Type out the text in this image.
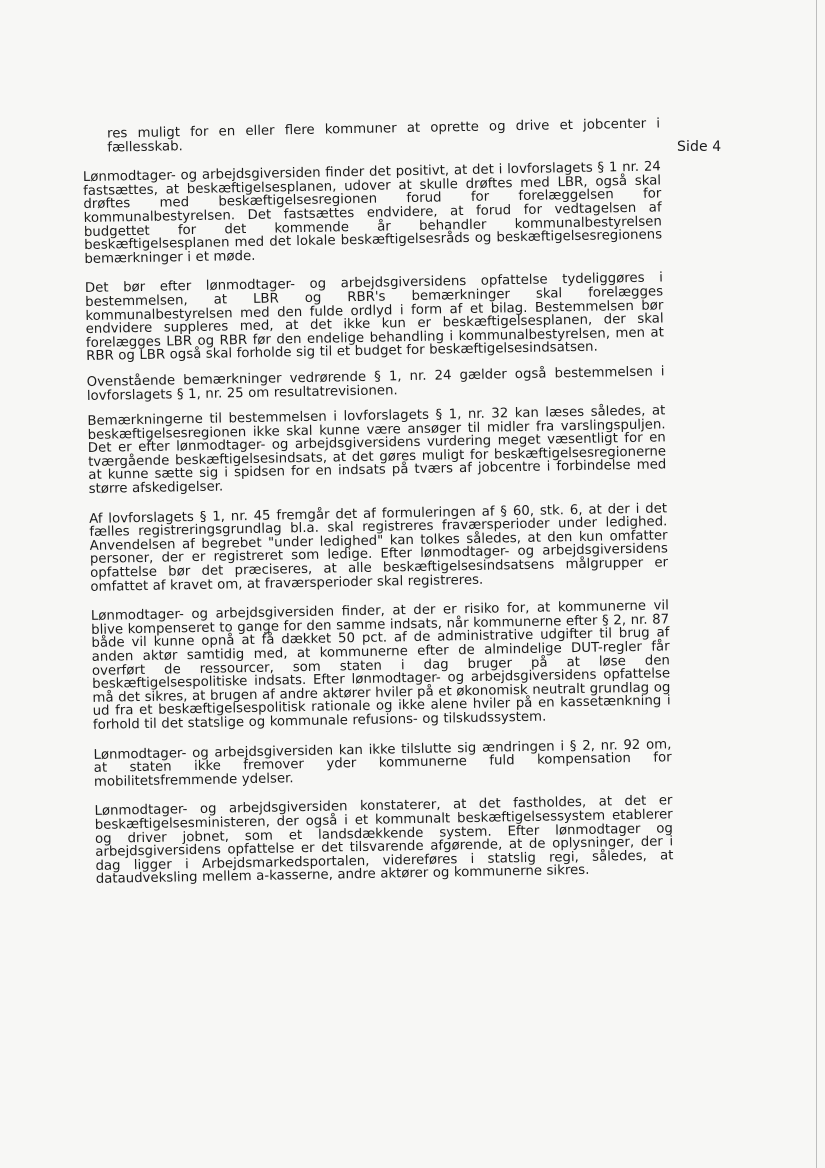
Side 4

res muligt for en eller flere kommuner at oprette og drive et jobcenter i fællesskab.

Lønmodtager- og arbejdsgiversiden finder det positivt, at det i lovforslagets § 1 nr. 24 fastsættes, at beskæftigelsesplanen, udover at skulle drøftes med LBR, også skal drøftes med beskæftigelsesregionen forud for forelæggelsen for kommunalbestyrelsen. Det fastsættes endvidere, at forud for vedtagelsen af budgettet for det kommende år behandler kommunalbestyrelsen beskæftigelsesplanen med det lokale beskæftigelsesråds og beskæftigelsesregionens bemærkninger i et møde.

Det bør efter lønmodtager- og arbejdsgiversidens opfattelse tydeliggøres i bestemmelsen, at LBR og RBR's bemærkninger skal forelægges kommunalbestyrelsen med den fulde ordlyd i form af et bilag. Bestemmelsen bør endvidere suppleres med, at det ikke kun er beskæftigelsesplanen, der skal forelægges LBR og RBR før den endelige behandling i kommunalbestyrelsen, men at RBR og LBR også skal forholde sig til et budget for beskæftigelsesindsatsen.

Ovenstående bemærkninger vedrørende § 1, nr. 24 gælder også bestemmelsen i lovforslagets § 1, nr. 25 om resultatrevisionen.

Bemærkningerne til bestemmelsen i lovforslagets § 1, nr. 32 kan læses således, at beskæftigelsesregionen ikke skal kunne være ansøger til midler fra varslingspuljen. Det er efter lønmodtager- og arbejdsgiversidens vurdering meget væsentligt for en tværgående beskæftigelsesindsats, at det gøres muligt for beskæftigelsesregionerne at kunne sætte sig i spidsen for en indsats på tværs af jobcentre i forbindelse med større afskedigelser.

Af lovforslagets § 1, nr. 45 fremgår det af formuleringen af § 60, stk. 6, at der i det fælles registreringsgrundlag bl.a. skal registreres fraværsperioder under ledighed. Anvendelsen af begrebet "under ledighed" kan tolkes således, at den kun omfatter personer, der er registreret som ledige. Efter lønmodtager- og arbejdsgiversidens opfattelse bør det præciseres, at alle beskæftigelsesindsatsens målgrupper er omfattet af kravet om, at fraværsperioder skal registreres.

Lønmodtager- og arbejdsgiversiden finder, at der er risiko for, at kommunerne vil blive kompenseret to gange for den samme indsats, når kommunerne efter § 2, nr. 87 både vil kunne opnå at få dækket 50 pct. af de administrative udgifter til brug af anden aktør samtidig med, at kommunerne efter de almindelige DUT-regler får overført de ressourcer, som staten i dag bruger på at løse den beskæftigelsespolitiske indsats. Efter lønmodtager- og arbejdsgiversidens opfattelse må det sikres, at brugen af andre aktører hviler på et økonomisk neutralt grundlag og ud fra et beskæftigelsespolitisk rationale og ikke alene hviler på en kassetænkning i forhold til det statslige og kommunale refusions- og tilskudssystem.

Lønmodtager- og arbejdsgiversiden kan ikke tilslutte sig ændringen i § 2, nr. 92 om, at staten ikke fremover yder kommunerne fuld kompensation for mobilitetsfremmende ydelser.

Lønmodtager- og arbejdsgiversiden konstaterer, at det fastholdes, at det er beskæftigelsesministeren, der også i et kommunalt beskæftigelsessystem etablerer og driver jobnet, som et landsdækkende system. Efter lønmodtager og arbejdsgiversidens opfattelse er det tilsvarende afgørende, at de oplysninger, der i dag ligger i Arbejdsmarkedsportalen, videreføres i statslig regi, således, at dataudveksling mellem a-kasserne, andre aktører og kommunerne sikres.
